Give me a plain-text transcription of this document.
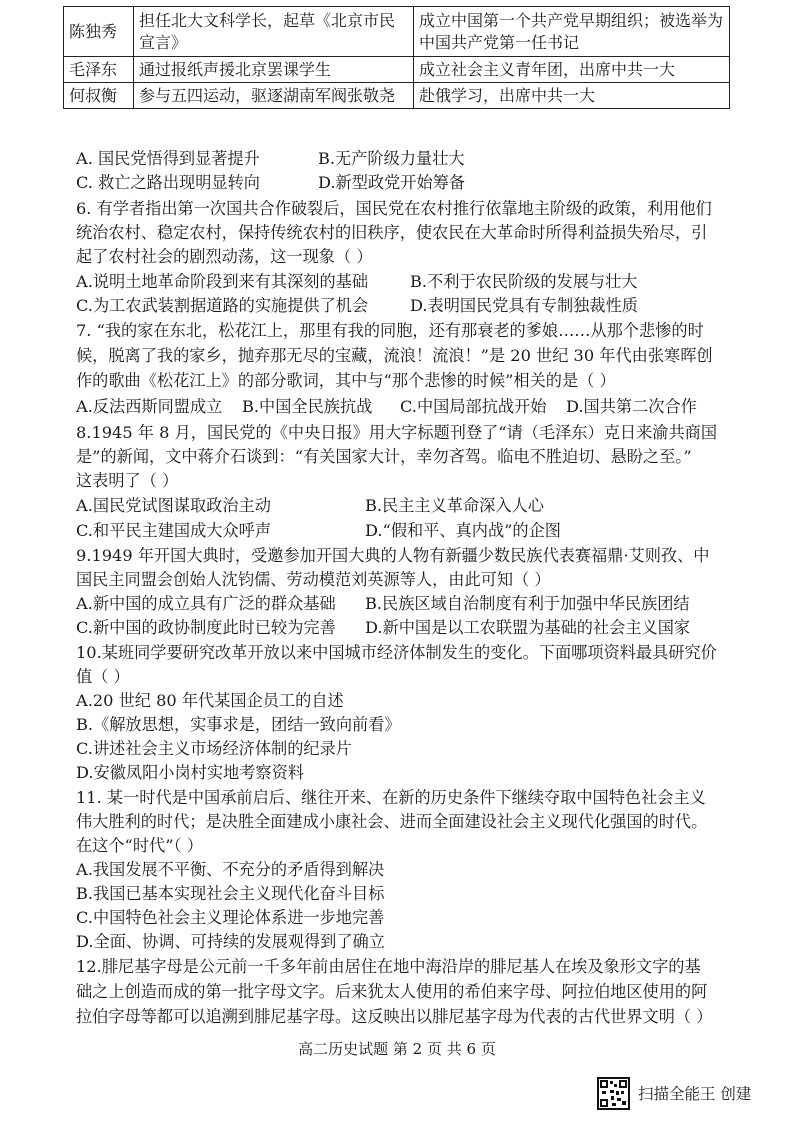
陈独秀	担任北大文科学长，起草《北京市民宣言》	成立中国第一个共产党早期组织；被选举为中国共产党第一任书记
毛泽东	通过报纸声援北京罢课学生	成立社会主义青年团，出席中共一大
何叔衡	参与五四运动，驱逐湖南军阀张敬尧	赴俄学习，出席中共一大
A. 国民党悟得到显著提升	B.无产阶级力量壮大
C. 救亡之路出现明显转向	D.新型政党开始筹备
6. 有学者指出第一次国共合作破裂后，国民党在农村推行依靠地主阶级的政策，利用他们
统治农村、稳定农村，保持传统农村的旧秩序，使农民在大革命时所得利益损失殆尽，引
起了农村社会的剧烈动荡，这一现象（ ）
A.说明土地革命阶段到来有其深刻的基础	B.不利于农民阶级的发展与壮大
C.为工农武装割据道路的实施提供了机会	D.表明国民党具有专制独裁性质
7. “我的家在东北，松花江上，那里有我的同胞，还有那衰老的爹娘……从那个悲惨的时
候，脱离了我的家乡，抛弃那无尽的宝藏，流浪！流浪！”是 20 世纪 30 年代由张寒晖创
作的歌曲《松花江上》的部分歌词，其中与“那个悲惨的时候”相关的是（ ）
A.反法西斯同盟成立 B.中国全民族抗战 C.中国局部抗战开始 D.国共第二次合作
8.1945 年 8 月，国民党的《中央日报》用大字标题刊登了“请（毛泽东）克日来渝共商国
是”的新闻，文中蒋介石谈到：“有关国家大计，幸勿吝驾。临电不胜迫切、悬盼之至。”
这表明了（ ）
A.国民党试图谋取政治主动	B.民主主义革命深入人心
C.和平民主建国成大众呼声	D.“假和平、真内战”的企图
9.1949 年开国大典时，受邀参加开国大典的人物有新疆少数民族代表赛福鼎·艾则孜、中
国民主同盟会创始人沈钧儒、劳动模范刘英源等人，由此可知（ ）
A.新中国的成立具有广泛的群众基础 B.民族区域自治制度有利于加强中华民族团结
C.新中国的政协制度此时已较为完善 D.新中国是以工农联盟为基础的社会主义国家
10.某班同学要研究改革开放以来中国城市经济体制发生的变化。下面哪项资料最具研究价
值（ ）
A.20 世纪 80 年代某国企员工的自述
B.《解放思想，实事求是，团结一致向前看》
C.讲述社会主义市场经济体制的纪录片
D.安徽凤阳小岗村实地考察资料
11. 某一时代是中国承前启后、继往开来、在新的历史条件下继续夺取中国特色社会主义
伟大胜利的时代；是决胜全面建成小康社会、进而全面建设社会主义现代化强国的时代。
在这个“时代”（ ）
A.我国发展不平衡、不充分的矛盾得到解决
B.我国已基本实现社会主义现代化奋斗目标
C.中国特色社会主义理论体系进一步地完善
D.全面、协调、可持续的发展观得到了确立
12.腓尼基字母是公元前一千多年前由居住在地中海沿岸的腓尼基人在埃及象形文字的基
础之上创造而成的第一批字母文字。后来犹太人使用的希伯来字母、阿拉伯地区使用的阿
拉伯字母等都可以追溯到腓尼基字母。这反映出以腓尼基字母为代表的古代世界文明（ ）
高二历史试题 第 2 页 共 6 页
扫描全能王 创建
